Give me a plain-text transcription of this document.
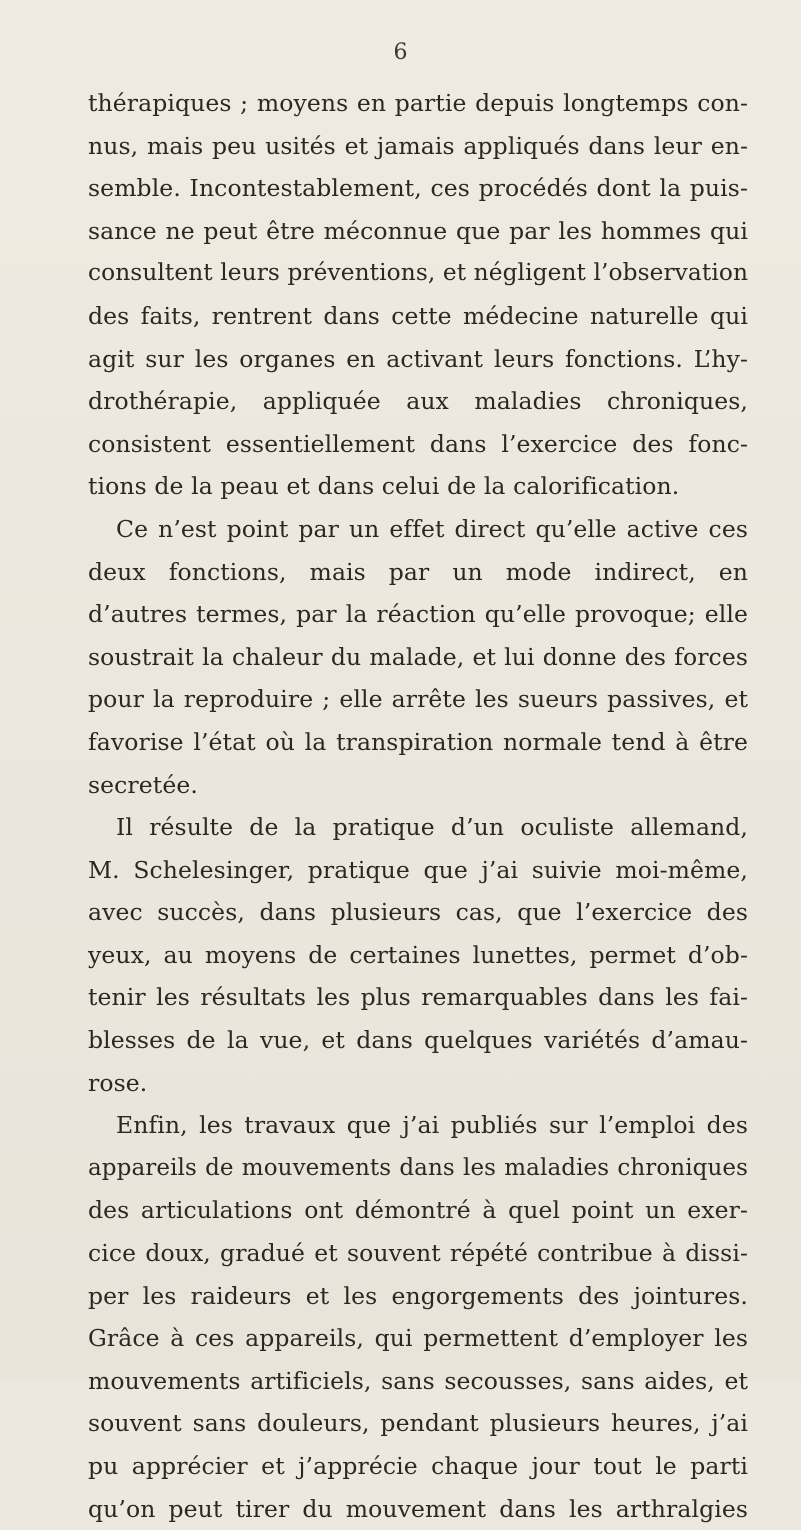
6
thérapiques ; moyens en partie depuis longtemps con-
nus, mais peu usités et jamais appliqués dans leur en-
semble. Incontestablement, ces procédés dont la puis-
sance ne peut être méconnue que par les hommes qui
consultent leurs préventions, et négligent l’observation
des faits, rentrent dans cette médecine naturelle qui
agit sur les organes en activant leurs fonctions. L’hy-
drothérapie, appliquée aux maladies chroniques,
consistent essentiellement dans l’exercice des fonc-
tions de la peau et dans celui de la calorification.
Ce n’est point par un effet direct qu’elle active ces
deux fonctions, mais par un mode indirect, en
d’autres termes, par la réaction qu’elle provoque; elle
soustrait la chaleur du malade, et lui donne des forces
pour la reproduire ; elle arrête les sueurs passives, et
favorise l’état où la transpiration normale tend à être
secretée.
Il résulte de la pratique d’un oculiste allemand,
M. Schelesinger, pratique que j’ai suivie moi-même,
avec succès, dans plusieurs cas, que l’exercice des
yeux, au moyens de certaines lunettes, permet d’ob-
tenir les résultats les plus remarquables dans les fai-
blesses de la vue, et dans quelques variétés d’amau-
rose.
Enfin, les travaux que j’ai publiés sur l’emploi des
appareils de mouvements dans les maladies chroniques
des articulations ont démontré à quel point un exer-
cice doux, gradué et souvent répété contribue à dissi-
per les raideurs et les engorgements des jointures.
Grâce à ces appareils, qui permettent d’employer les
mouvements artificiels, sans secousses, sans aides, et
souvent sans douleurs, pendant plusieurs heures, j’ai
pu apprécier et j’apprécie chaque jour tout le parti
qu’on peut tirer du mouvement dans les arthralgies
